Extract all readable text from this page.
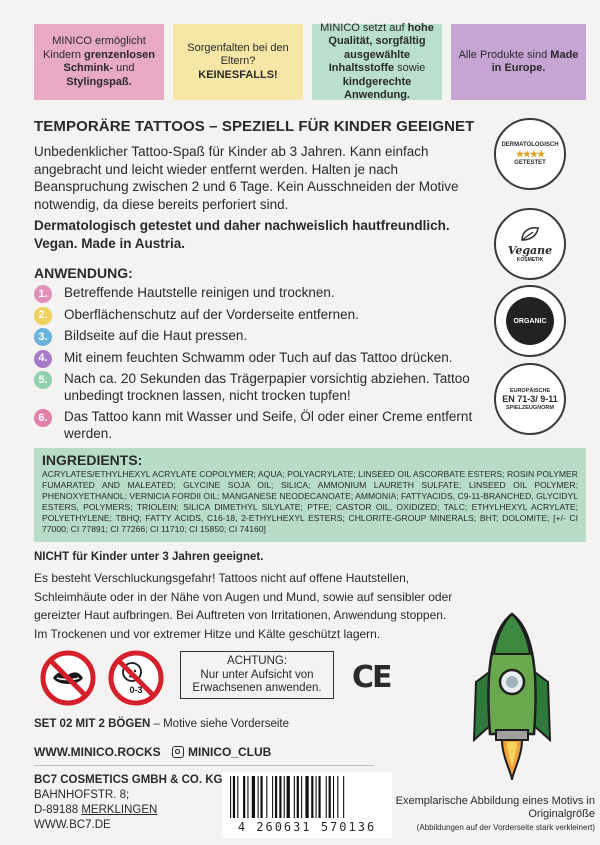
MINICO ermöglicht Kindern grenzenlosen Schmink- und Stylingspaß.
Sorgenfalten bei den Eltern?
KEINESFALLS!
MINICO setzt auf hohe Qualität, sorgfältig ausgewählte Inhaltsstoffe sowie kindgerechte Anwendung.
Alle Produkte sind Made in Europe.
TEMPORÄRE TATTOOS – SPEZIELL FÜR KINDER GEEIGNET
Unbedenklicher Tattoo-Spaß für Kinder ab 3 Jahren. Kann einfach angebracht und leicht wieder entfernt werden. Halten je nach Beanspruchung zwischen 2 und 6 Tage. Kein Ausschneiden der Motive notwendig, da diese bereits perforiert sind.
Dermatologisch getestet und daher nachweislich hautfreundlich. Vegan. Made in Austria.
DERMATOLOGISCH
★★★★
GETESTET
Vegane
KOSMETIK
ORGANIC
EUROPÄISCHE
EN 71-3/ 9-11
SPIELZEUGNORM
ANWENDUNG:
1.	Betreffende Hautstelle reinigen und trocknen.
2.	Oberflächenschutz auf der Vorderseite entfernen.
3.	Bildseite auf die Haut pressen.
4.	Mit einem feuchten Schwamm oder Tuch auf das Tattoo drücken.
5.	Nach ca. 20 Sekunden das Trägerpapier vorsichtig abziehen. Tattoo unbedingt trocknen lassen, nicht trocken tupfen!
6.	Das Tattoo kann mit Wasser und Seife, Öl oder einer Creme entfernt werden.
INGREDIENTS:
ACRYLATES/ETHYLHEXYL ACRYLATE COPOLYMER; AQUA; POLYACRYLATE; LINSEED OIL ASCORBATE ESTERS; ROSIN POLYMER FUMARATED AND MALEATED; GLYCINE SOJA OIL; SILICA; AMMONIUM LAURETH SULFATE; LINSEED OIL POLYMER; PHENOXYETHANOL; VERNICIA FORDII OIL; MANGANESE NEODECANOATE; AMMONIA; FATTYACIDS, C9-11-BRANCHED, GLYCIDYL ESTERS, POLYMERS; TRIOLEIN; SILICA DIMETHYL SILYLATE; PTFE; CASTOR OIL, OXIDIZED; TALC; ETHYLHEXYL ACRYLATE; POLYETHYLENE; TBHQ; FATTY ACIDS, C16-18, 2-ETHYLHEXYL ESTERS; CHLORITE-GROUP MINERALS; BHT; DOLOMITE; [+/- CI 77000; CI 77891; CI 77266; CI 11710; CI 15850; CI 74160]
NICHT für Kinder unter 3 Jahren geeignet.
Es besteht Verschluckungsgefahr! Tattoos nicht auf offene Hautstellen, Schleimhäute oder in der Nähe von Augen und Mund, sowie auf sensibler oder gereizter Haut aufbringen. Bei Auftreten von Irritationen, Anwendung stoppen. Im Trockenen und vor extremer Hitze und Kälte geschützt lagern.
0-3
ACHTUNG:
Nur unter Aufsicht von Erwachsenen anwenden.	CE
SET 02 MIT 2 BÖGEN – Motive siehe Vorderseite
WWW.MINICO.ROCKS MINICO_CLUB
BC7 COSMETICS GMBH & CO. KG
BAHNHOFSTR. 8;
D-89188 MERKLINGEN
WWW.BC7.DE	4 260631 570136
Exemplarische Abbildung eines Motivs in Originalgröße
(Abbildungen auf der Vorderseite stark verkleinert)
